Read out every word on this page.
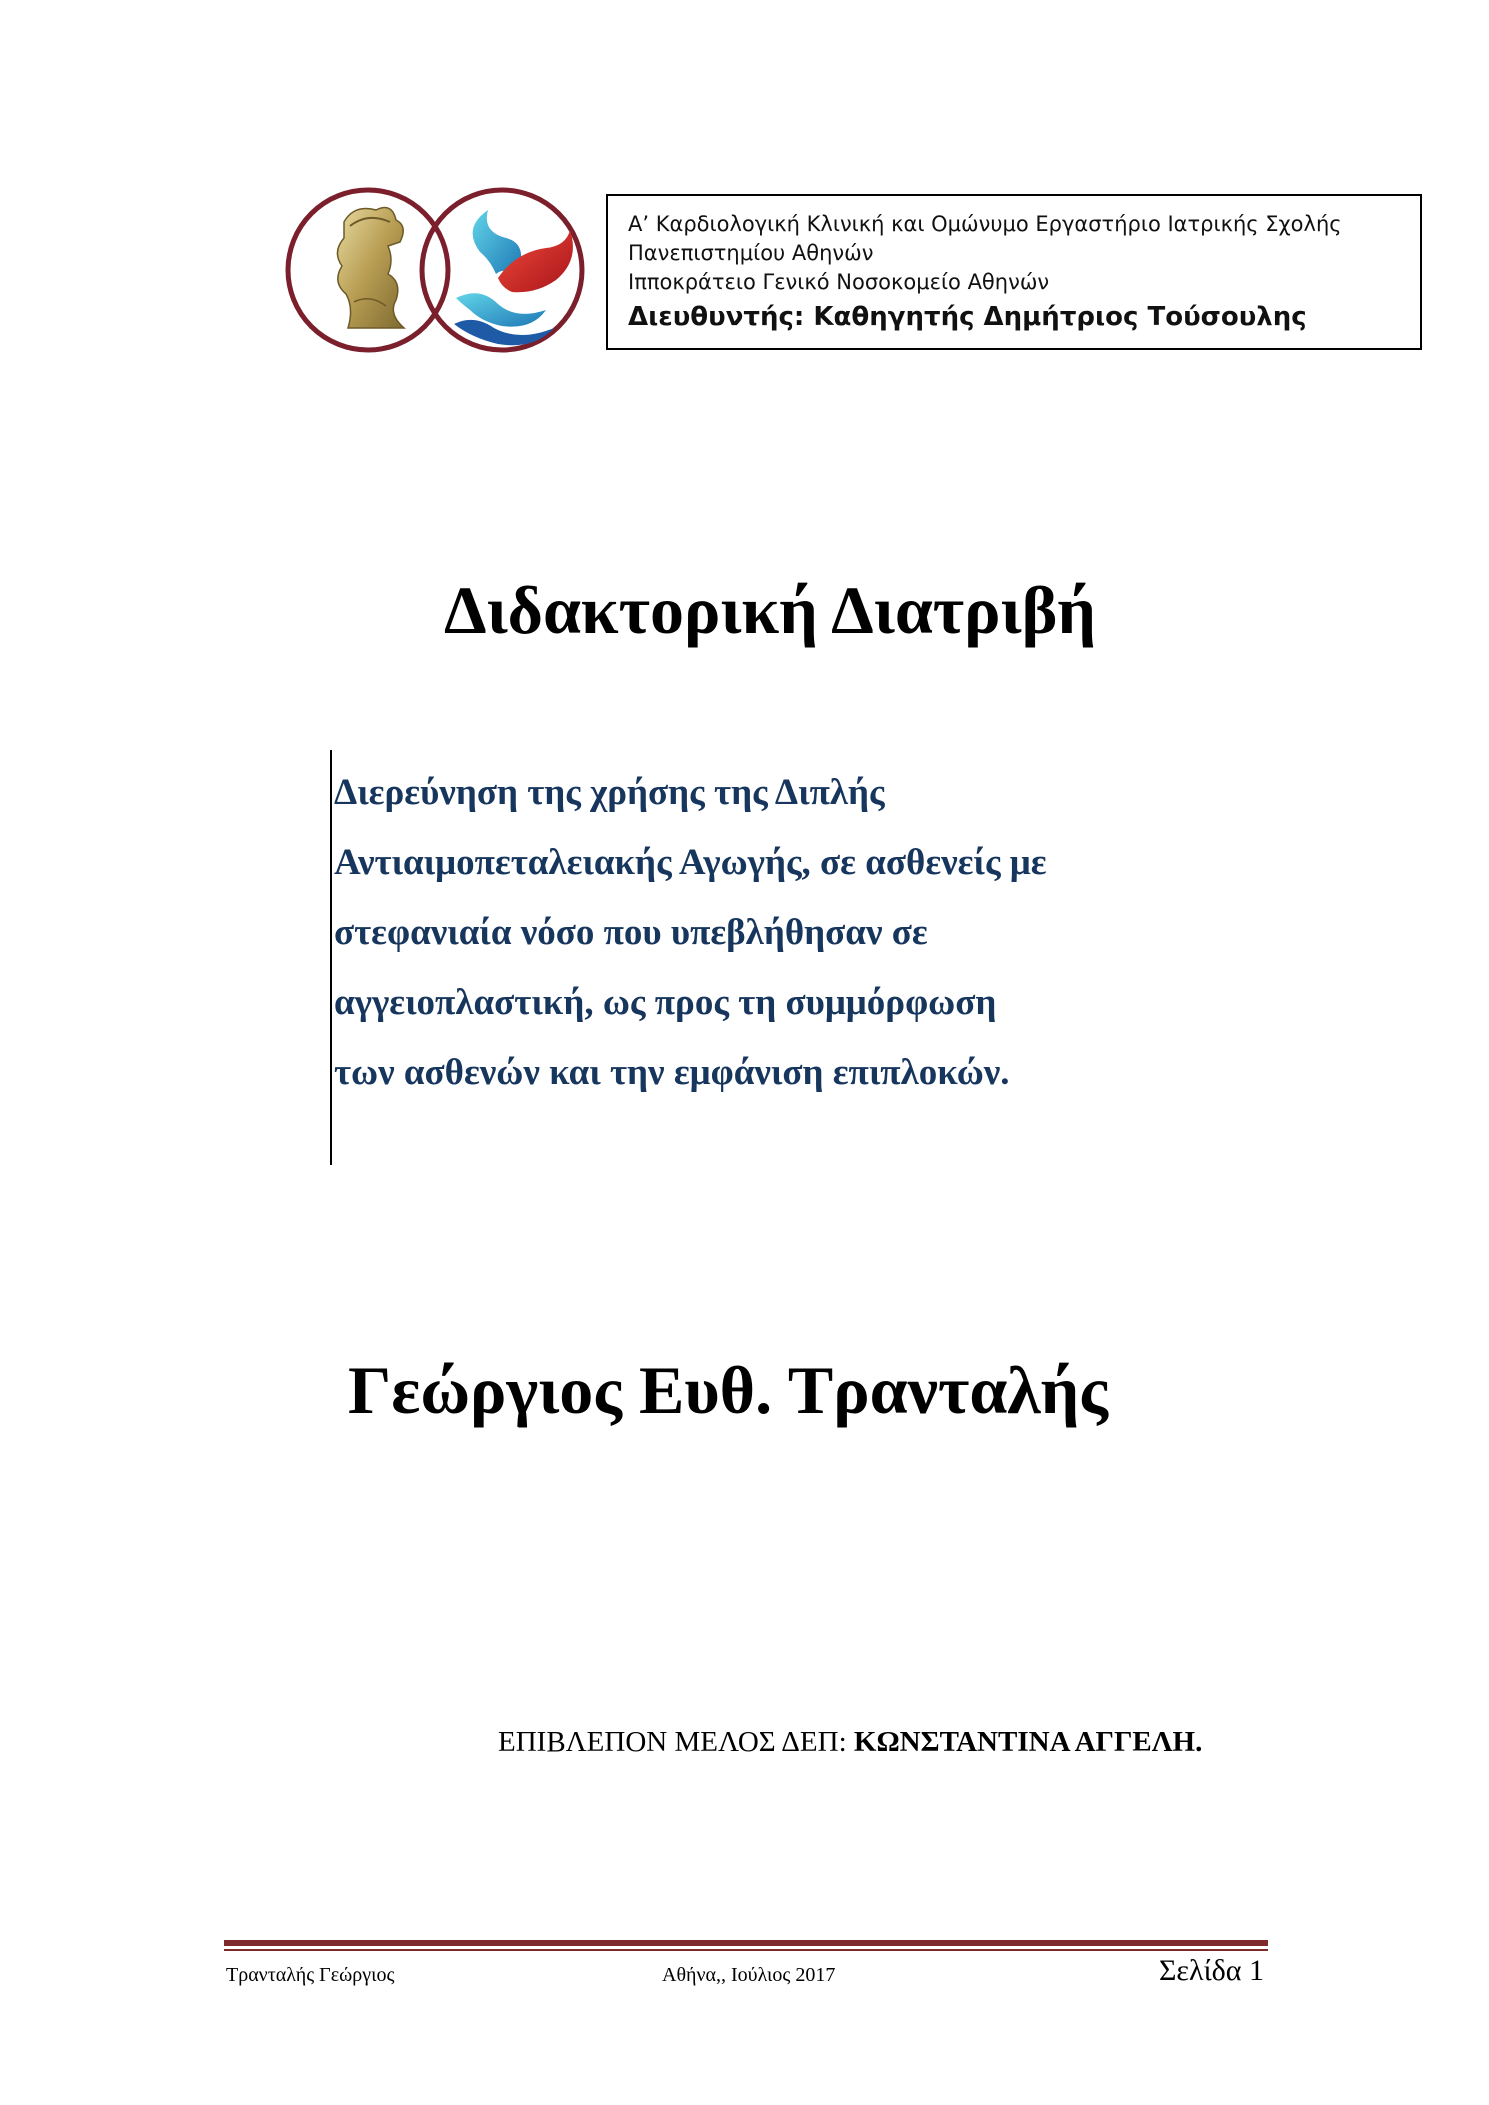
Α’ Καρδιολογική Κλινική και Ομώνυμο Εργαστήριο Ιατρικής Σχολής
Πανεπιστημίου Αθηνών
Ιπποκράτειο Γενικό Νοσοκομείο Αθηνών
Διευθυντής: Καθηγητής Δημήτριος Τούσουλης
Διδακτορική Διατριβή
Διερεύνηση της χρήσης της Διπλής
Αντιαιμοπεταλειακής Αγωγής, σε ασθενείς με
στεφανιαία νόσο που υπεβλήθησαν σε
αγγειοπλαστική, ως προς τη συμμόρφωση
των ασθενών και την εμφάνιση επιπλοκών.
Γεώργιος Ευθ. Τρανταλής
ΕΠΙΒΛΕΠΟΝ ΜΕΛΟΣ ΔΕΠ: ΚΩΝΣΤΑΝΤΙΝΑ ΑΓΓΕΛΗ.
Τρανταλής Γεώργιος	Αθήνα,, Ιούλιος 2017	Σελίδα 1
